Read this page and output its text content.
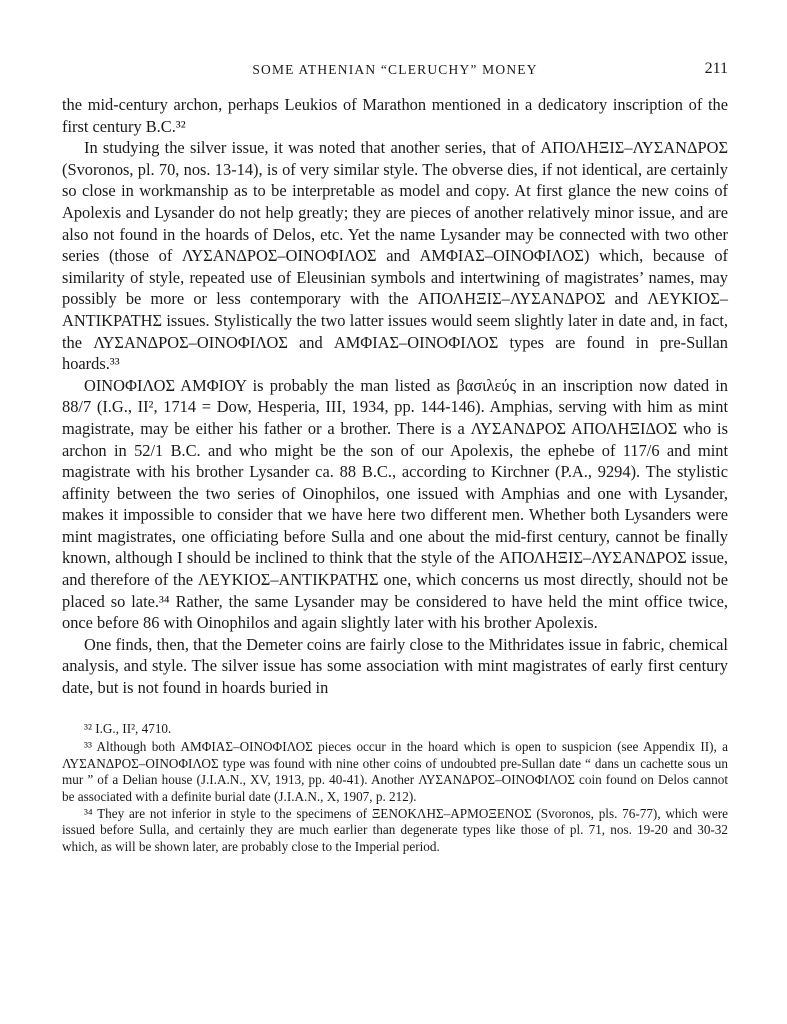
SOME ATHENIAN “CLERUCHY” MONEY	211

the mid-century archon, perhaps Leukios of Marathon mentioned in a dedicatory inscription of the first century B.C.³²

In studying the silver issue, it was noted that another series, that of ΑΠΟΛΗΞΙΣ–ΛΥΣΑΝΔΡΟΣ (Svoronos, pl. 70, nos. 13-14), is of very similar style. The obverse dies, if not identical, are certainly so close in workmanship as to be interpretable as model and copy. At first glance the new coins of Apolexis and Lysander do not help greatly; they are pieces of another relatively minor issue, and are also not found in the hoards of Delos, etc. Yet the name Lysander may be connected with two other series (those of ΛΥΣΑΝΔΡΟΣ–ΟΙΝΟΦΙΛΟΣ and ΑΜΦΙΑΣ–ΟΙΝΟΦΙΛΟΣ) which, because of similarity of style, repeated use of Eleusinian symbols and intertwining of magistrates’ names, may possibly be more or less contemporary with the ΑΠΟΛΗΞΙΣ–ΛΥΣΑΝΔΡΟΣ and ΛΕΥΚΙΟΣ–ΑΝΤΙΚΡΑΤΗΣ issues. Stylistically the two latter issues would seem slightly later in date and, in fact, the ΛΥΣΑΝΔΡΟΣ–ΟΙΝΟΦΙΛΟΣ and ΑΜΦΙΑΣ–ΟΙΝΟΦΙΛΟΣ types are found in pre-Sullan hoards.³³

ΟΙΝΟΦΙΛΟΣ ΑΜΦΙΟΥ is probably the man listed as βασιλεύς in an inscription now dated in 88/7 (I.G., II², 1714 = Dow, Hesperia, III, 1934, pp. 144-146). Amphias, serving with him as mint magistrate, may be either his father or a brother. There is a ΛΥΣΑΝΔΡΟΣ ΑΠΟΛΗΞΙΔΟΣ who is archon in 52/1 B.C. and who might be the son of our Apolexis, the ephebe of 117/6 and mint magistrate with his brother Lysander ca. 88 B.C., according to Kirchner (P.A., 9294). The stylistic affinity between the two series of Oinophilos, one issued with Amphias and one with Lysander, makes it impossible to consider that we have here two different men. Whether both Lysanders were mint magistrates, one officiating before Sulla and one about the mid-first century, cannot be finally known, although I should be inclined to think that the style of the ΑΠΟΛΗΞΙΣ–ΛΥΣΑΝΔΡΟΣ issue, and therefore of the ΛΕΥΚΙΟΣ–ΑΝΤΙΚΡΑΤΗΣ one, which concerns us most directly, should not be placed so late.³⁴ Rather, the same Lysander may be considered to have held the mint office twice, once before 86 with Oinophilos and again slightly later with his brother Apolexis.

One finds, then, that the Demeter coins are fairly close to the Mithridates issue in fabric, chemical analysis, and style. The silver issue has some association with mint magistrates of early first century date, but is not found in hoards buried in

³² I.G., II², 4710.

³³ Although both ΑΜΦΙΑΣ–ΟΙΝΟΦΙΛΟΣ pieces occur in the hoard which is open to suspicion (see Appendix II), a ΛΥΣΑΝΔΡΟΣ–ΟΙΝΟΦΙΛΟΣ type was found with nine other coins of undoubted pre-Sullan date “ dans un cachette sous un mur ” of a Delian house (J.I.A.N., XV, 1913, pp. 40-41). Another ΛΥΣΑΝΔΡΟΣ–ΟΙΝΟΦΙΛΟΣ coin found on Delos cannot be associated with a definite burial date (J.I.A.N., X, 1907, p. 212).

³⁴ They are not inferior in style to the specimens of ΞΕΝΟΚΛΗΣ–ΑΡΜΟΞΕΝΟΣ (Svoronos, pls. 76-77), which were issued before Sulla, and certainly they are much earlier than degenerate types like those of pl. 71, nos. 19-20 and 30-32 which, as will be shown later, are probably close to the Imperial period.
